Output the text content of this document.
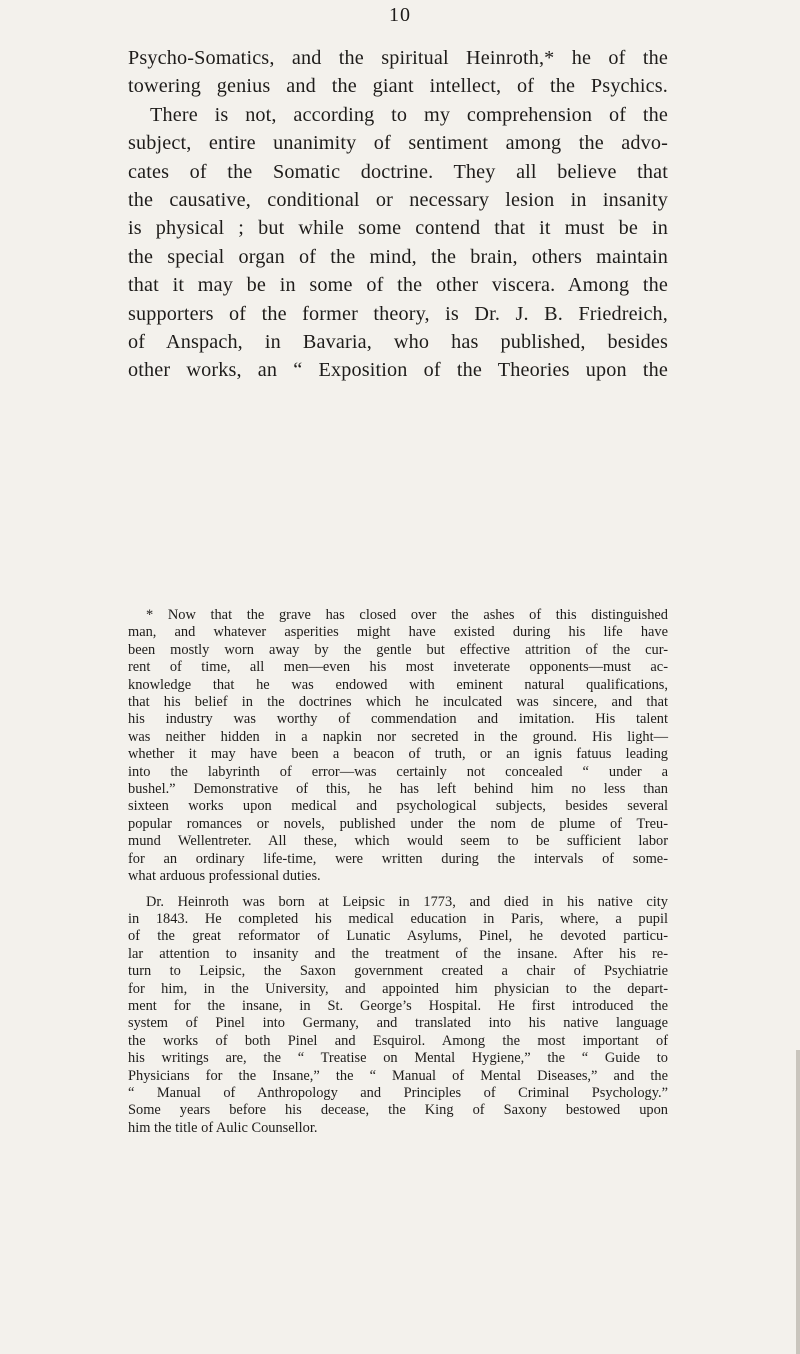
10
Psycho-Somatics, and the spiritual Heinroth,* he of the
towering genius and the giant intellect, of the Psychics.
There is not, according to my comprehension of the
subject, entire unanimity of sentiment among the advo-
cates of the Somatic doctrine. They all believe that
the causative, conditional or necessary lesion in insanity
is physical ; but while some contend that it must be in
the special organ of the mind, the brain, others maintain
that it may be in some of the other viscera. Among the
supporters of the former theory, is Dr. J. B. Friedreich,
of Anspach, in Bavaria, who has published, besides
other works, an “ Exposition of the Theories upon the
* Now that the grave has closed over the ashes of this distinguished
man, and whatever asperities might have existed during his life have
been mostly worn away by the gentle but effective attrition of the cur-
rent of time, all men—even his most inveterate opponents—must ac-
knowledge that he was endowed with eminent natural qualifications,
that his belief in the doctrines which he inculcated was sincere, and that
his industry was worthy of commendation and imitation. His talent
was neither hidden in a napkin nor secreted in the ground. His light—
whether it may have been a beacon of truth, or an ignis fatuus leading
into the labyrinth of error—was certainly not concealed “ under a
bushel.” Demonstrative of this, he has left behind him no less than
sixteen works upon medical and psychological subjects, besides several
popular romances or novels, published under the nom de plume of Treu-
mund Wellentreter. All these, which would seem to be sufficient labor
for an ordinary life-time, were written during the intervals of some-
what arduous professional duties.
Dr. Heinroth was born at Leipsic in 1773, and died in his native city
in 1843. He completed his medical education in Paris, where, a pupil
of the great reformator of Lunatic Asylums, Pinel, he devoted particu-
lar attention to insanity and the treatment of the insane. After his re-
turn to Leipsic, the Saxon government created a chair of Psychiatrie
for him, in the University, and appointed him physician to the depart-
ment for the insane, in St. George’s Hospital. He first introduced the
system of Pinel into Germany, and translated into his native language
the works of both Pinel and Esquirol. Among the most important of
his writings are, the “ Treatise on Mental Hygiene,” the “ Guide to
Physicians for the Insane,” the “ Manual of Mental Diseases,” and the
“ Manual of Anthropology and Principles of Criminal Psychology.”
Some years before his decease, the King of Saxony bestowed upon
him the title of Aulic Counsellor.
